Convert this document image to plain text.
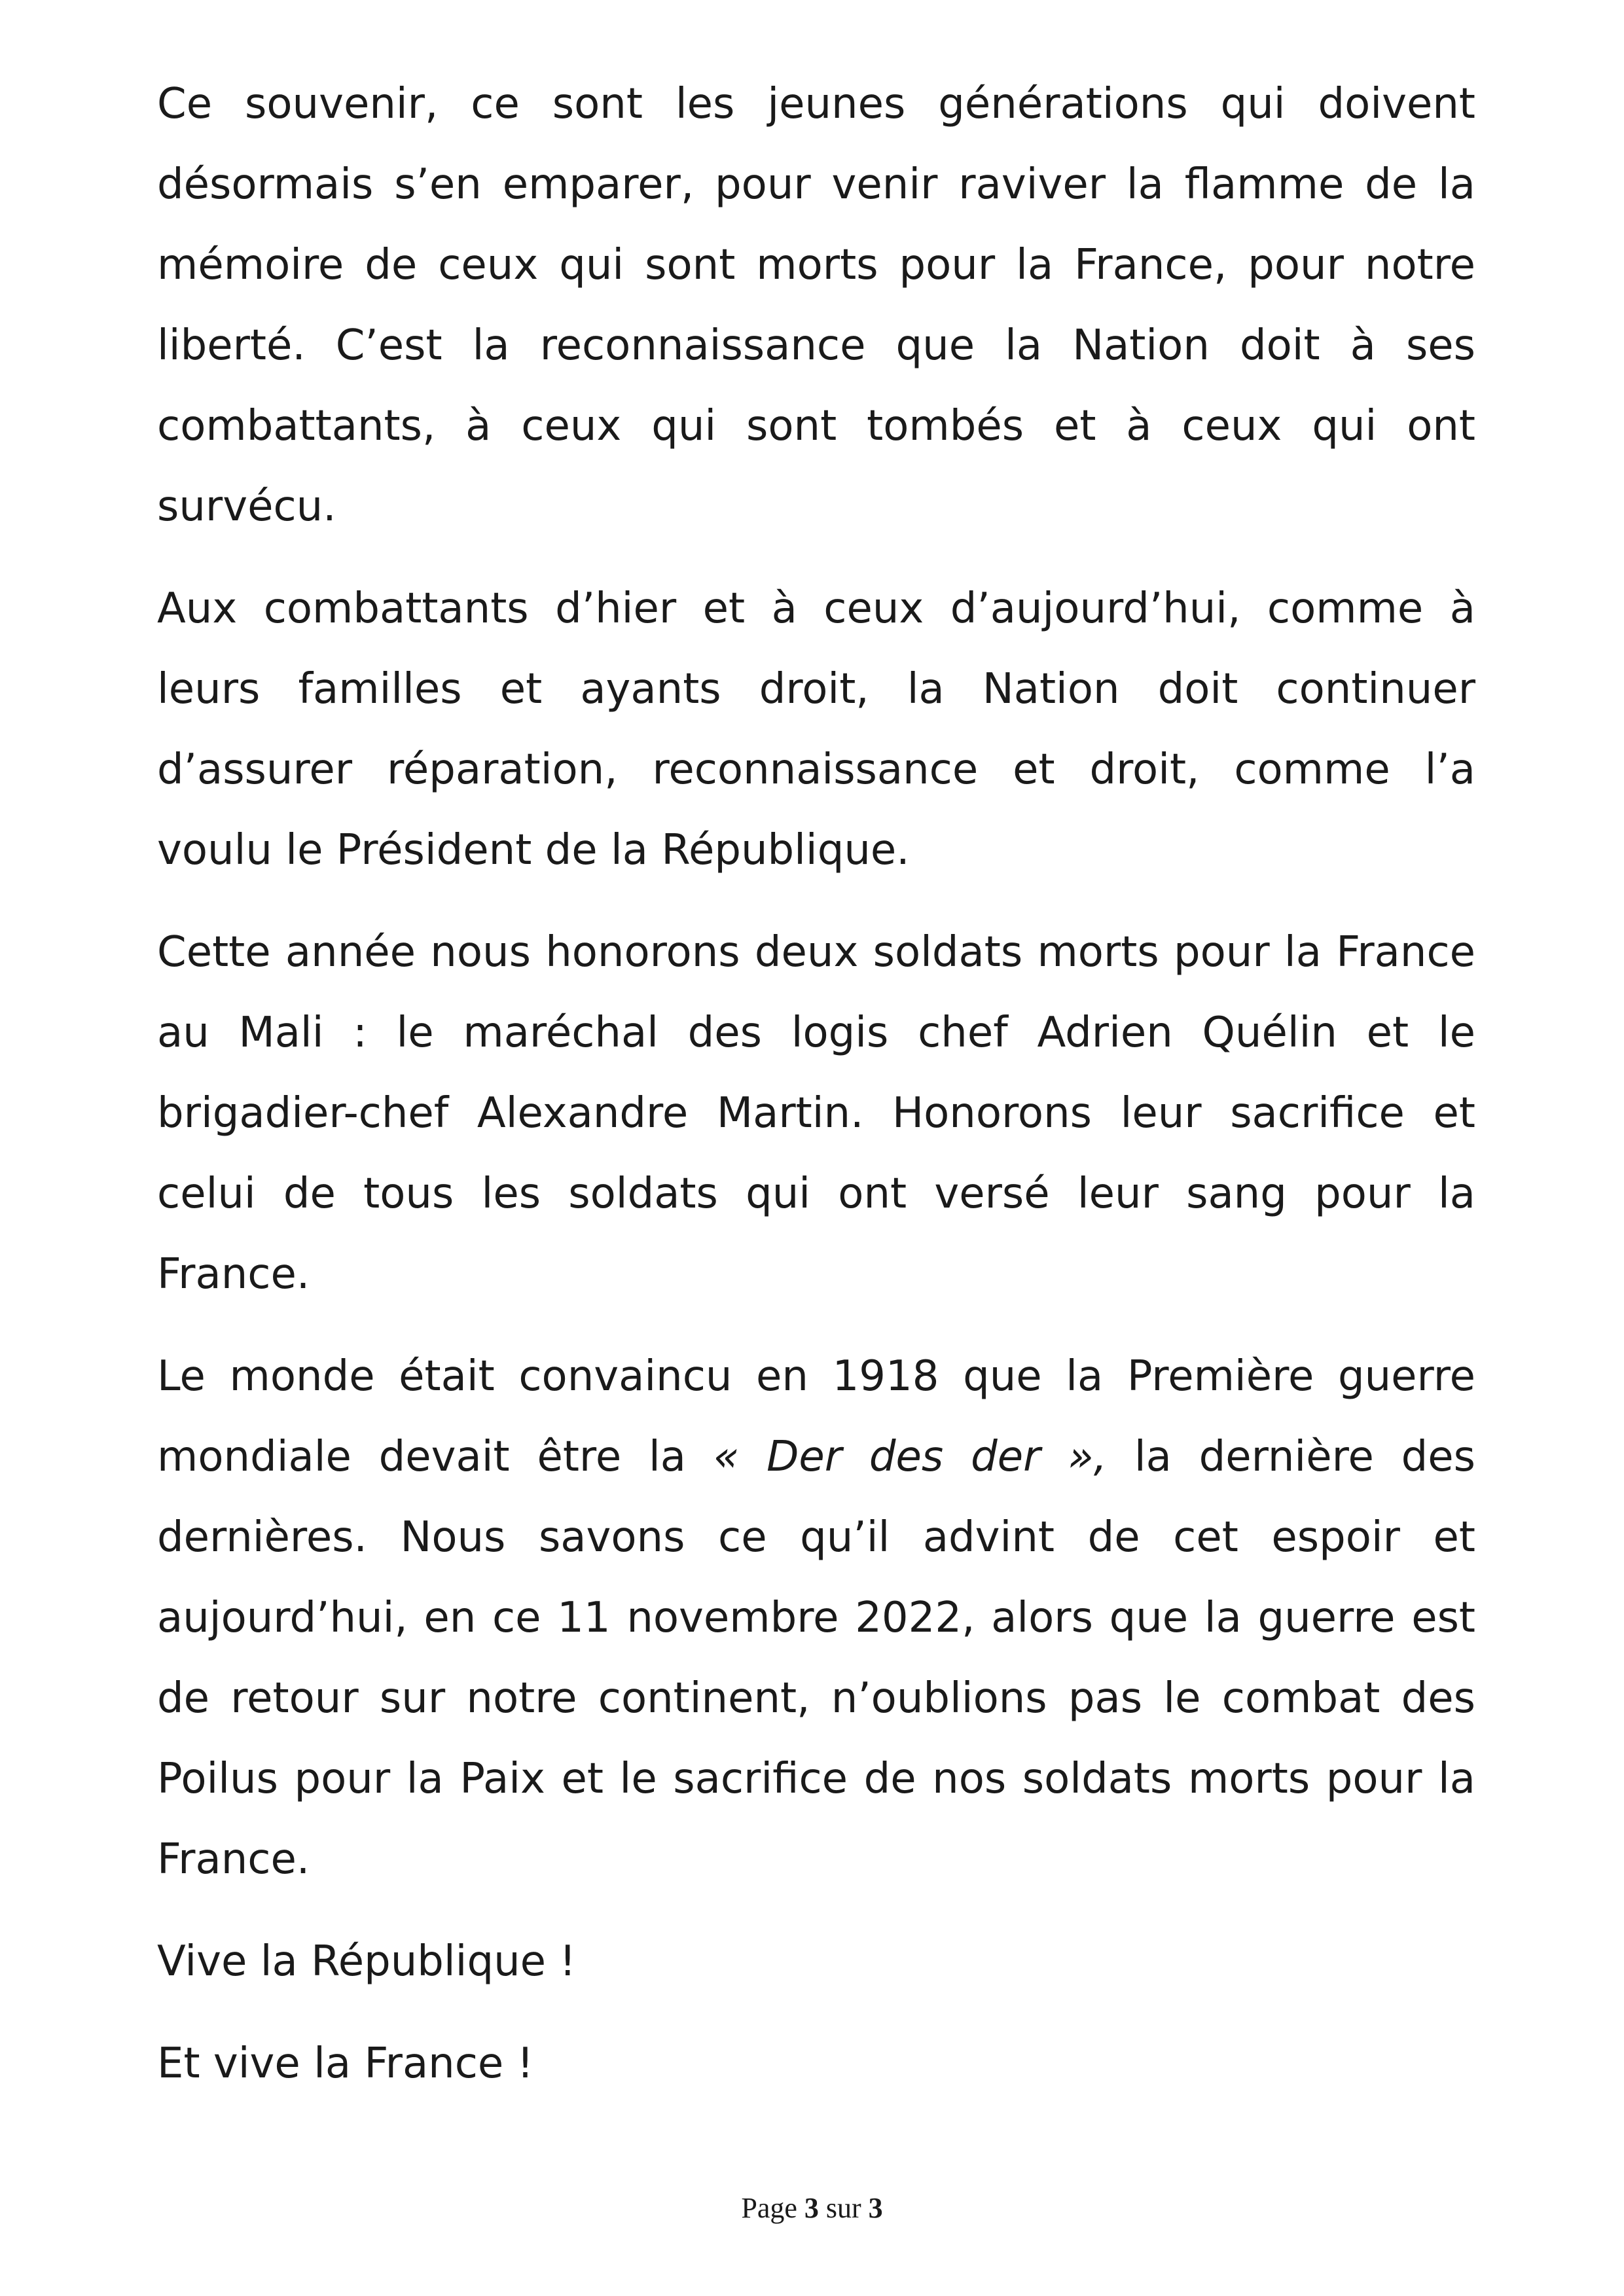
Ce souvenir, ce sont les jeunes générations qui doivent désormais s’en emparer, pour venir raviver la flamme de la mémoire de ceux qui sont morts pour la France, pour notre liberté. C’est la reconnaissance que la Nation doit à ses combattants, à ceux qui sont tombés et à ceux qui ont survécu.

Aux combattants d’hier et à ceux d’aujourd’hui, comme à leurs familles et ayants droit, la Nation doit continuer d’assurer réparation, reconnaissance et droit, comme l’a voulu le Président de la République.

Cette année nous honorons deux soldats morts pour la France au Mali : le maréchal des logis chef Adrien Quélin et le brigadier-chef Alexandre Martin. Honorons leur sacrifice et celui de tous les soldats qui ont versé leur sang pour la France.

Le monde était convaincu en 1918 que la Première guerre mondiale devait être la « Der des der », la dernière des dernières. Nous savons ce qu’il advint de cet espoir et aujourd’hui, en ce 11 novembre 2022, alors que la guerre est de retour sur notre continent, n’oublions pas le combat des Poilus pour la Paix et le sacrifice de nos soldats morts pour la France.

Vive la République !

Et vive la France !

Page 3 sur 3
